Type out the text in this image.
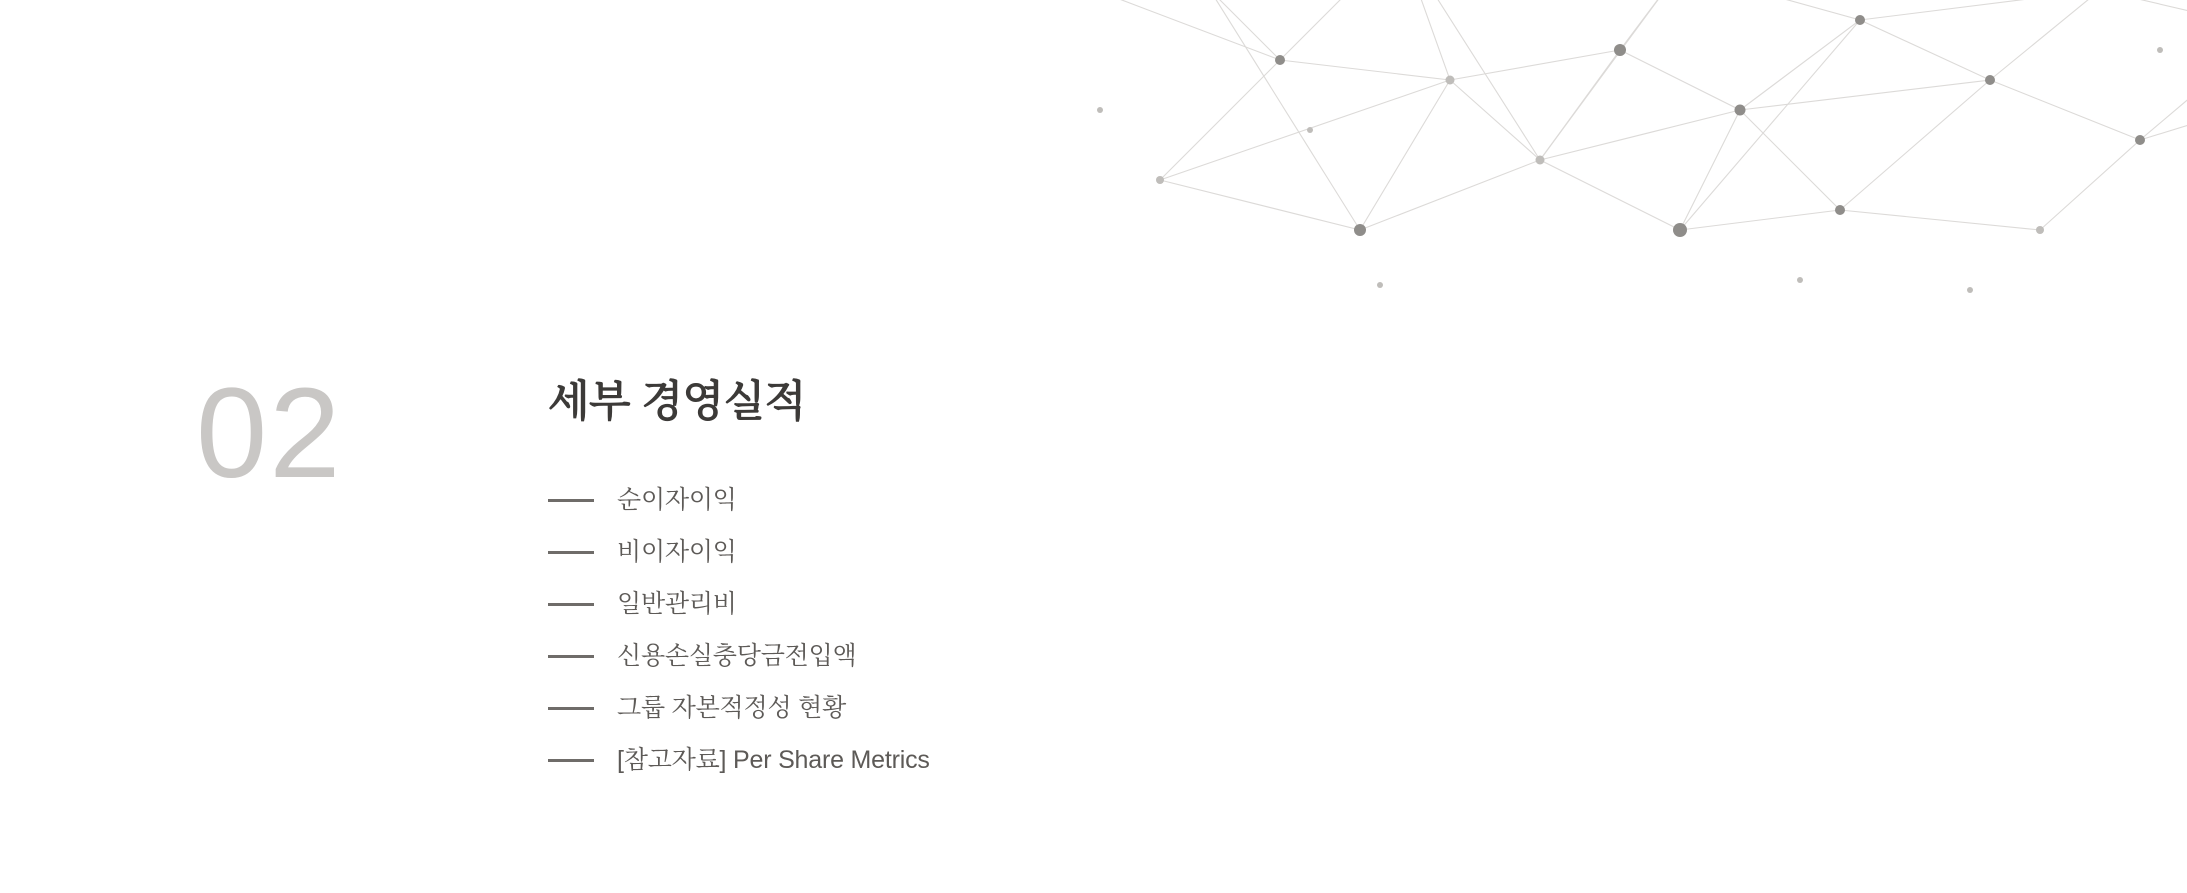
02	세부 경영실적
순이자이익
비이자이익
일반관리비
신용손실충당금전입액
그룹 자본적정성 현황
[참고자료] Per Share Metrics
